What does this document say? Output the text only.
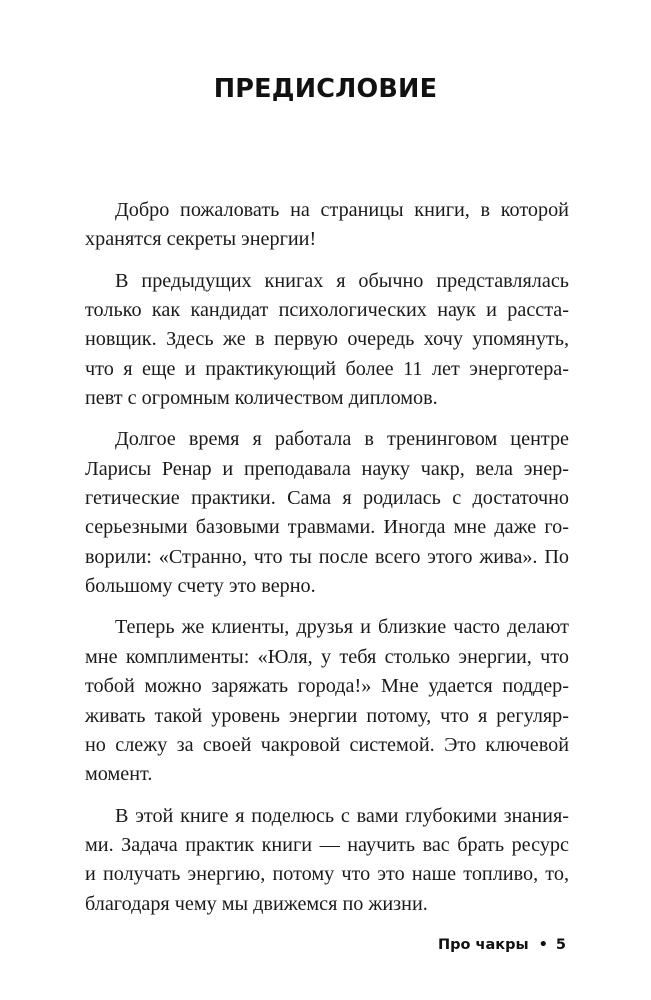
ПРЕДИСЛОВИЕ
Добро пожаловать на страницы книги, в которой
хранятся секреты энергии!
В предыдущих книгах я обычно представлялась
только как кандидат психологических наук и расста-
новщик. Здесь же в первую очередь хочу упомянуть,
что я еще и практикующий более 11 лет энерготера-
певт с огромным количеством дипломов.
Долгое время я работала в тренинговом центре
Ларисы Ренар и преподавала науку чакр, вела энер-
гетические практики. Сама я родилась с достаточно
серьезными базовыми травмами. Иногда мне даже го-
ворили: «Странно, что ты после всего этого жива». По
большому счету это верно.
Теперь же клиенты, друзья и близкие часто делают
мне комплименты: «Юля, у тебя столько энергии, что
тобой можно заряжать города!» Мне удается поддер-
живать такой уровень энергии потому, что я регуляр-
но слежу за своей чакровой системой. Это ключевой
момент.
В этой книге я поделюсь с вами глубокими знания-
ми. Задача практик книги — научить вас брать ресурс
и получать энергию, потому что это наше топливо, то,
благодаря чему мы движемся по жизни.
Про чакры • 5
